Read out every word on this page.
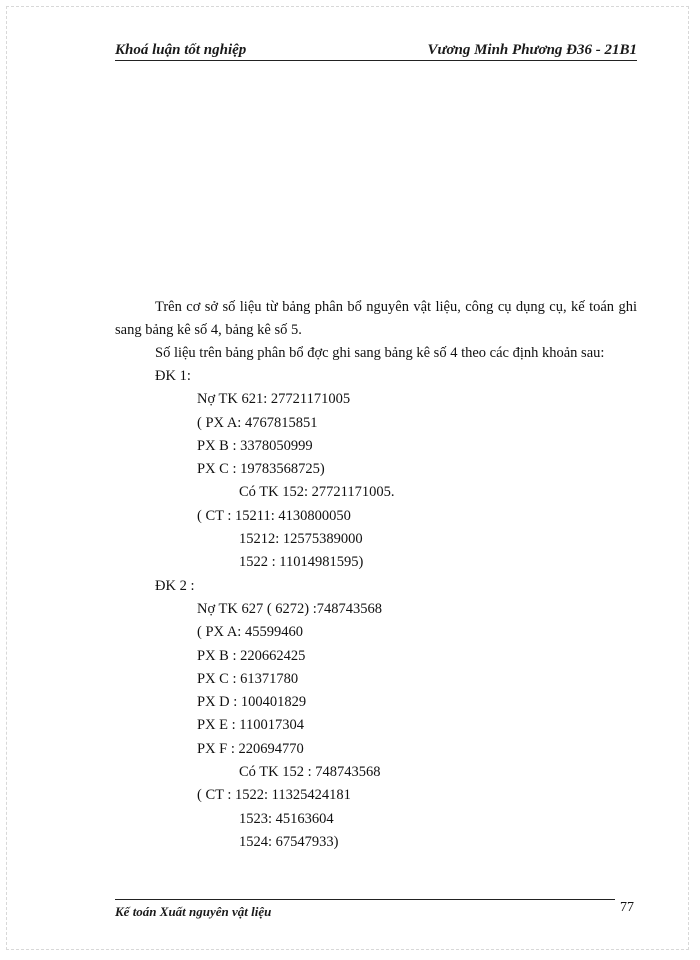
Khoá luận tốt nghiệp	Vương Minh Phương Đ36 - 21B1

Trên cơ sở số liệu từ bảng phân bổ nguyên vật liệu, công cụ dụng cụ, kế toán ghi sang bảng kê số 4, bảng kê số 5.

Số liệu trên bảng phân bổ đợc ghi sang bảng kê số 4 theo các định khoản sau:

ĐK 1:
Nợ TK 621: 27721171005
( PX A: 4767815851
PX B : 3378050999
PX C : 19783568725)
Có TK 152: 27721171005.
( CT : 15211: 4130800050
15212: 12575389000
1522 : 11014981595)
ĐK 2 :
Nợ TK 627 ( 6272) :748743568
( PX A: 45599460
PX B : 220662425
PX C : 61371780
PX D : 100401829
PX E : 110017304
PX F : 220694770
Có TK 152 : 748743568
( CT : 1522: 11325424181
1523: 45163604
1524: 67547933)
Kế toán Xuất nguyên vật liệu	77
